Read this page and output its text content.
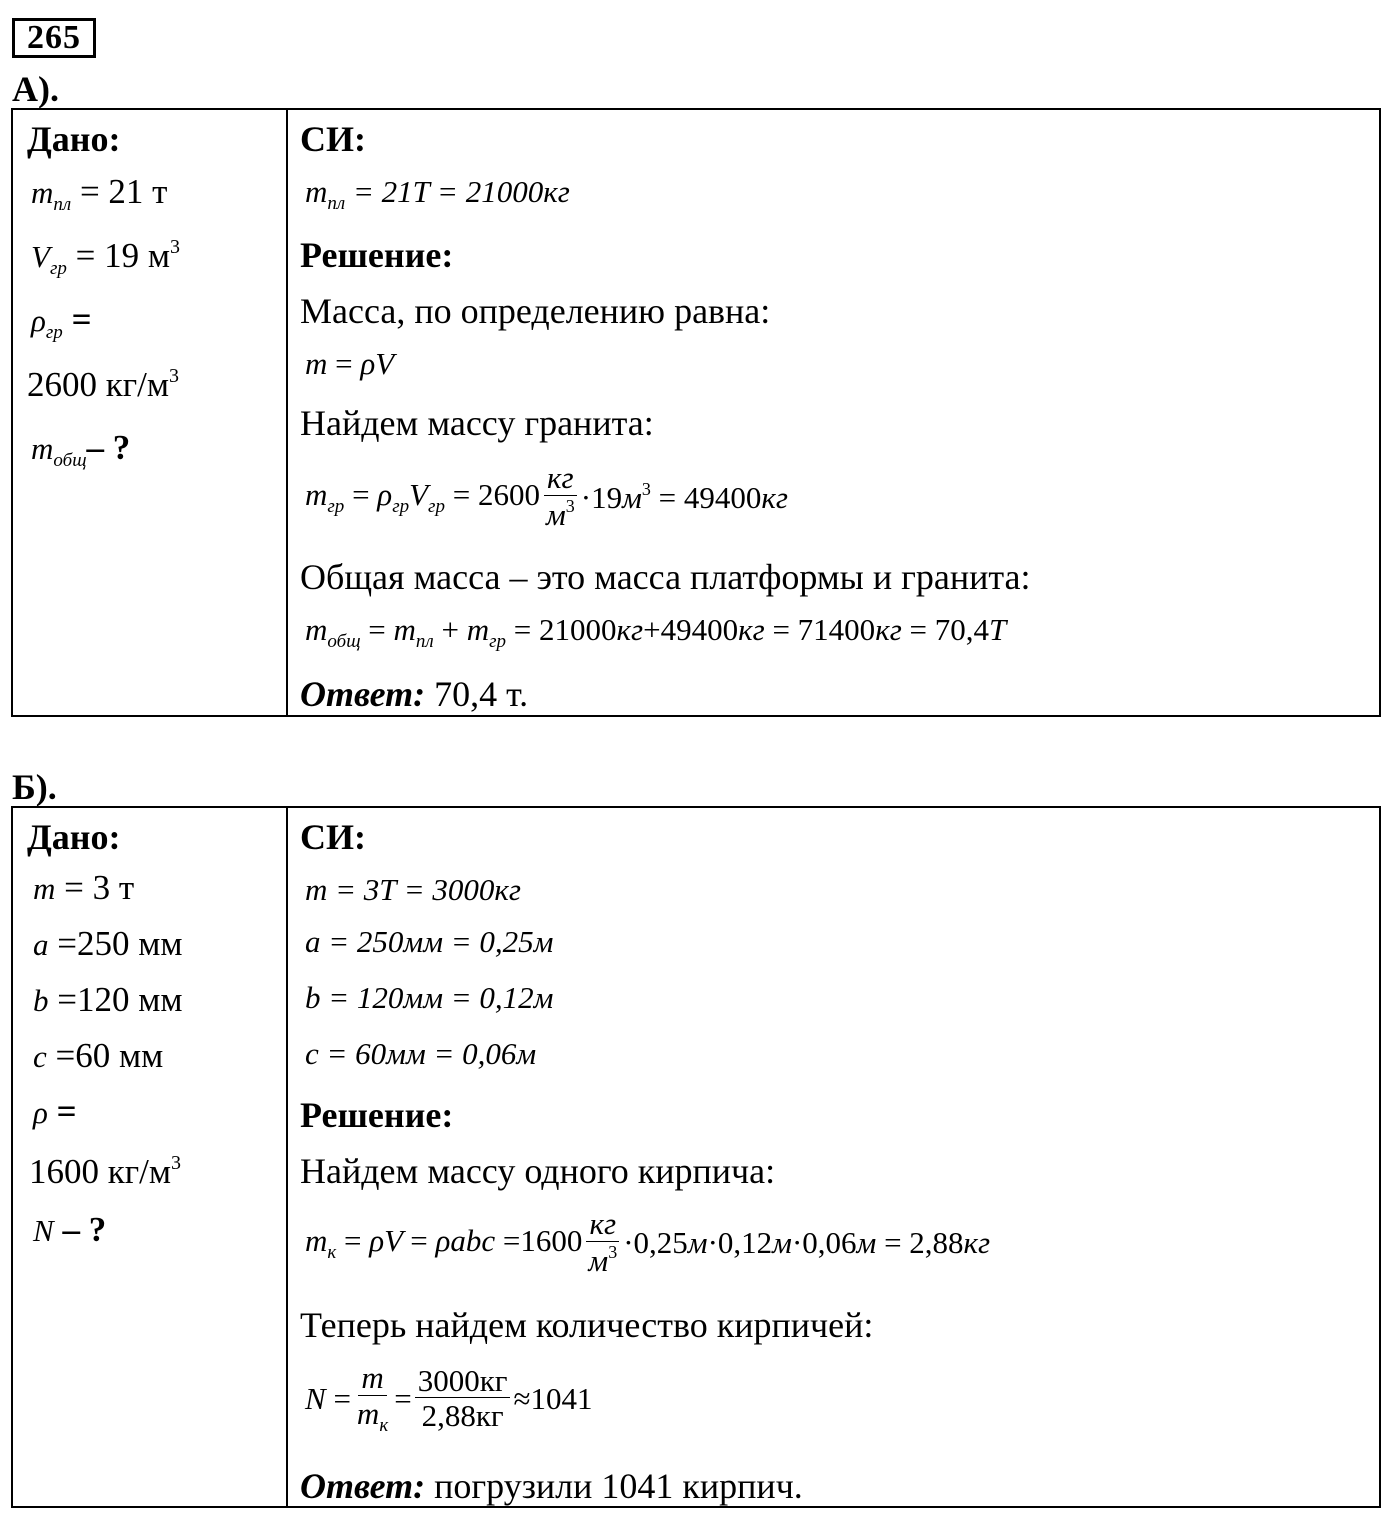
265
А).
Дано:
$m_{пл} = 21$ т
$V_{гр} = 19$ $м^3$
$\rho_{гр}$ =
2600 $кг/м^3$
$m_{общ}-$ ?
СИ:
$m_{пл} = 21T = 21000кг$
Решение:
Масса, по определению равна:
m = ρV
Найдем массу гранита:
$m_{гр} = \rho_{гр}V_{гр} = 2600 \frac{кг}{м^3} \cdot 19м^3 = 49400кг$
Общая масса – это масса платформы и гранита:
$m_{общ} = m_{пл} + m_{гр} = 21000кг+49400кг = 71400кг = 70,4T$
Ответ: 70,4 т.
Б).
Дано:
m = 3 т
a =250 мм
b =120 мм
c =60 мм
ρ =
1600 $кг/м^3$
N – ?
СИ:
m = 3T = 3000кг
a = 250мм = 0,25м
b = 120мм = 0,12м
c = 60мм = 0,06м
Решение:
Найдем массу одного кирпича:
$m_к = \rho V = \rho abc =1600 \frac{кг}{м^3} \cdot 0,25м\cdot 0,12м\cdot 0,06м = 2,88кг$
Теперь найдем количество кирпичей:
$N = \frac{m}{m_к} = \frac{3000кг}{2,88кг} \approx 1041$
Ответ: погрузили 1041 кирпич.
